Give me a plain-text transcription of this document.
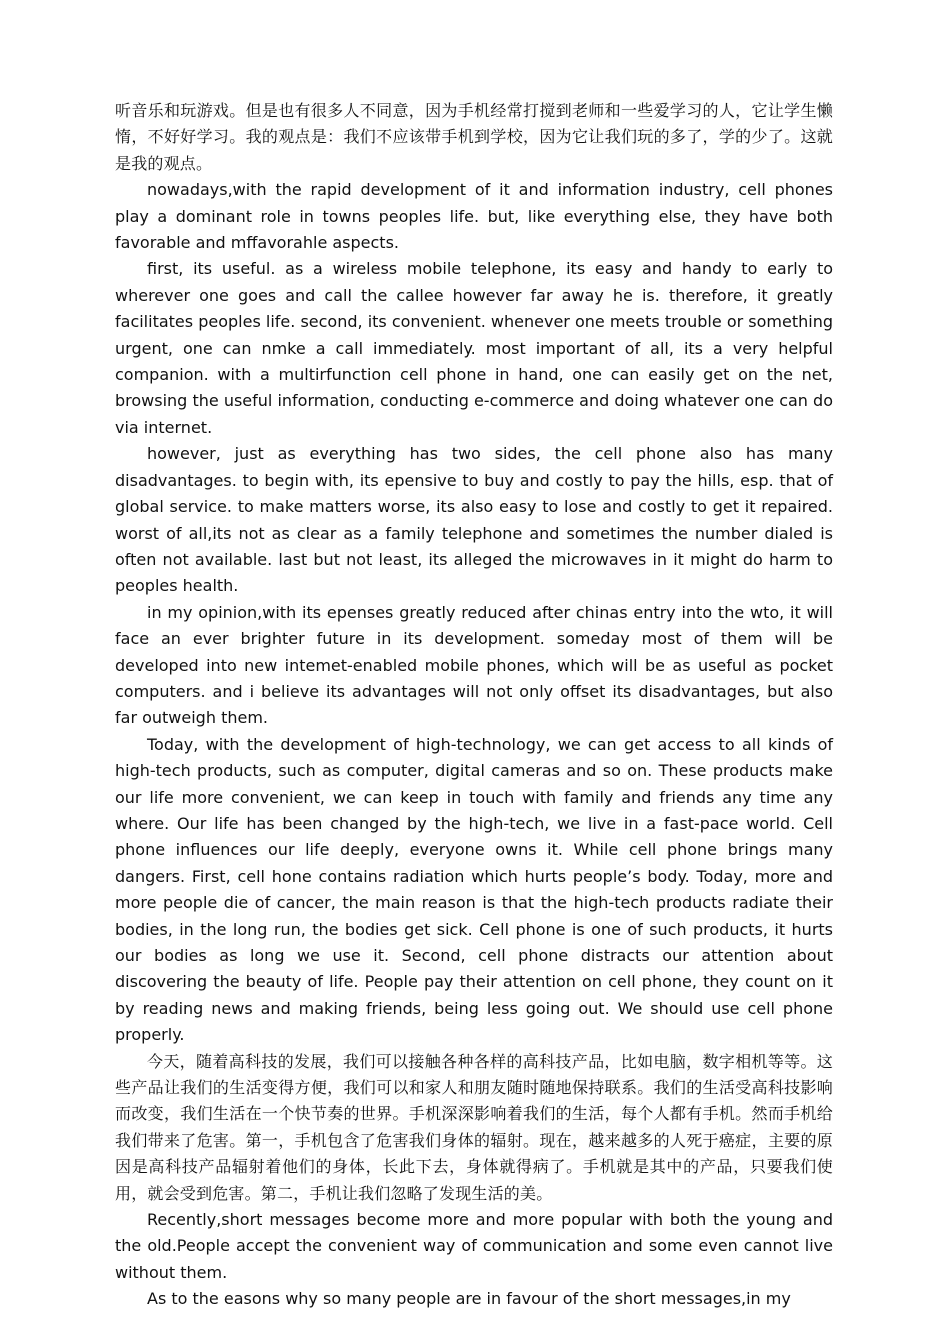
听音乐和玩游戏。但是也有很多人不同意，因为手机经常打搅到老师和一些爱学习的人，它让学生懒惰，不好好学习。我的观点是：我们不应该带手机到学校，因为它让我们玩的多了，学的少了。这就是我的观点。

nowadays,with the rapid development of it and information industry, cell phones play a dominant role in towns peoples life. but, like everything else, they have both favorable and mffavorahle aspects.

first, its useful. as a wireless mobile telephone, its easy and handy to early to wherever one goes and call the callee however far away he is. therefore, it greatly facilitates peoples life. second, its convenient. whenever one meets trouble or something urgent, one can nmke a call immediately. most important of all, its a very helpful companion. with a multirfunction cell phone in hand, one can easily get on the net, browsing the useful information, conducting e-commerce and doing whatever one can do via internet.

however, just as everything has two sides, the cell phone also has many disadvantages. to begin with, its epensive to buy and costly to pay the hills, esp. that of global service. to make matters worse, its also easy to lose and costly to get it repaired. worst of all,its not as clear as a family telephone and sometimes the number dialed is often not available. last but not least, its alleged the microwaves in it might do harm to peoples health.

in my opinion,with its epenses greatly reduced after chinas entry into the wto, it will face an ever brighter future in its development. someday most of them will be developed into new intemet-enabled mobile phones, which will be as useful as pocket computers. and i believe its advantages will not only offset its disadvantages, but also far outweigh them.

Today, with the development of high-technology, we can get access to all kinds of high-tech products, such as computer, digital cameras and so on. These products make our life more convenient, we can keep in touch with family and friends any time any where. Our life has been changed by the high-tech, we live in a fast-pace world. Cell phone influences our life deeply, everyone owns it. While cell phone brings many dangers. First, cell hone contains radiation which hurts people’s body. Today, more and more people die of cancer, the main reason is that the high-tech products radiate their bodies, in the long run, the bodies get sick. Cell phone is one of such products, it hurts our bodies as long we use it. Second, cell phone distracts our attention about discovering the beauty of life. People pay their attention on cell phone, they count on it by reading news and making friends, being less going out. We should use cell phone properly.

今天，随着高科技的发展，我们可以接触各种各样的高科技产品，比如电脑，数字相机等等。这些产品让我们的生活变得方便，我们可以和家人和朋友随时随地保持联系。我们的生活受高科技影响而改变，我们生活在一个快节奏的世界。手机深深影响着我们的生活，每个人都有手机。然而手机给我们带来了危害。第一，手机包含了危害我们身体的辐射。现在，越来越多的人死于癌症，主要的原因是高科技产品辐射着他们的身体，长此下去，身体就得病了。手机就是其中的产品，只要我们使用，就会受到危害。第二，手机让我们忽略了发现生活的美。

Recently,short messages become more and more popular with both the young and the old.People accept the convenient way of communication and some even cannot live without them.

As to the easons why so many people are in favour of the short messages,in my
